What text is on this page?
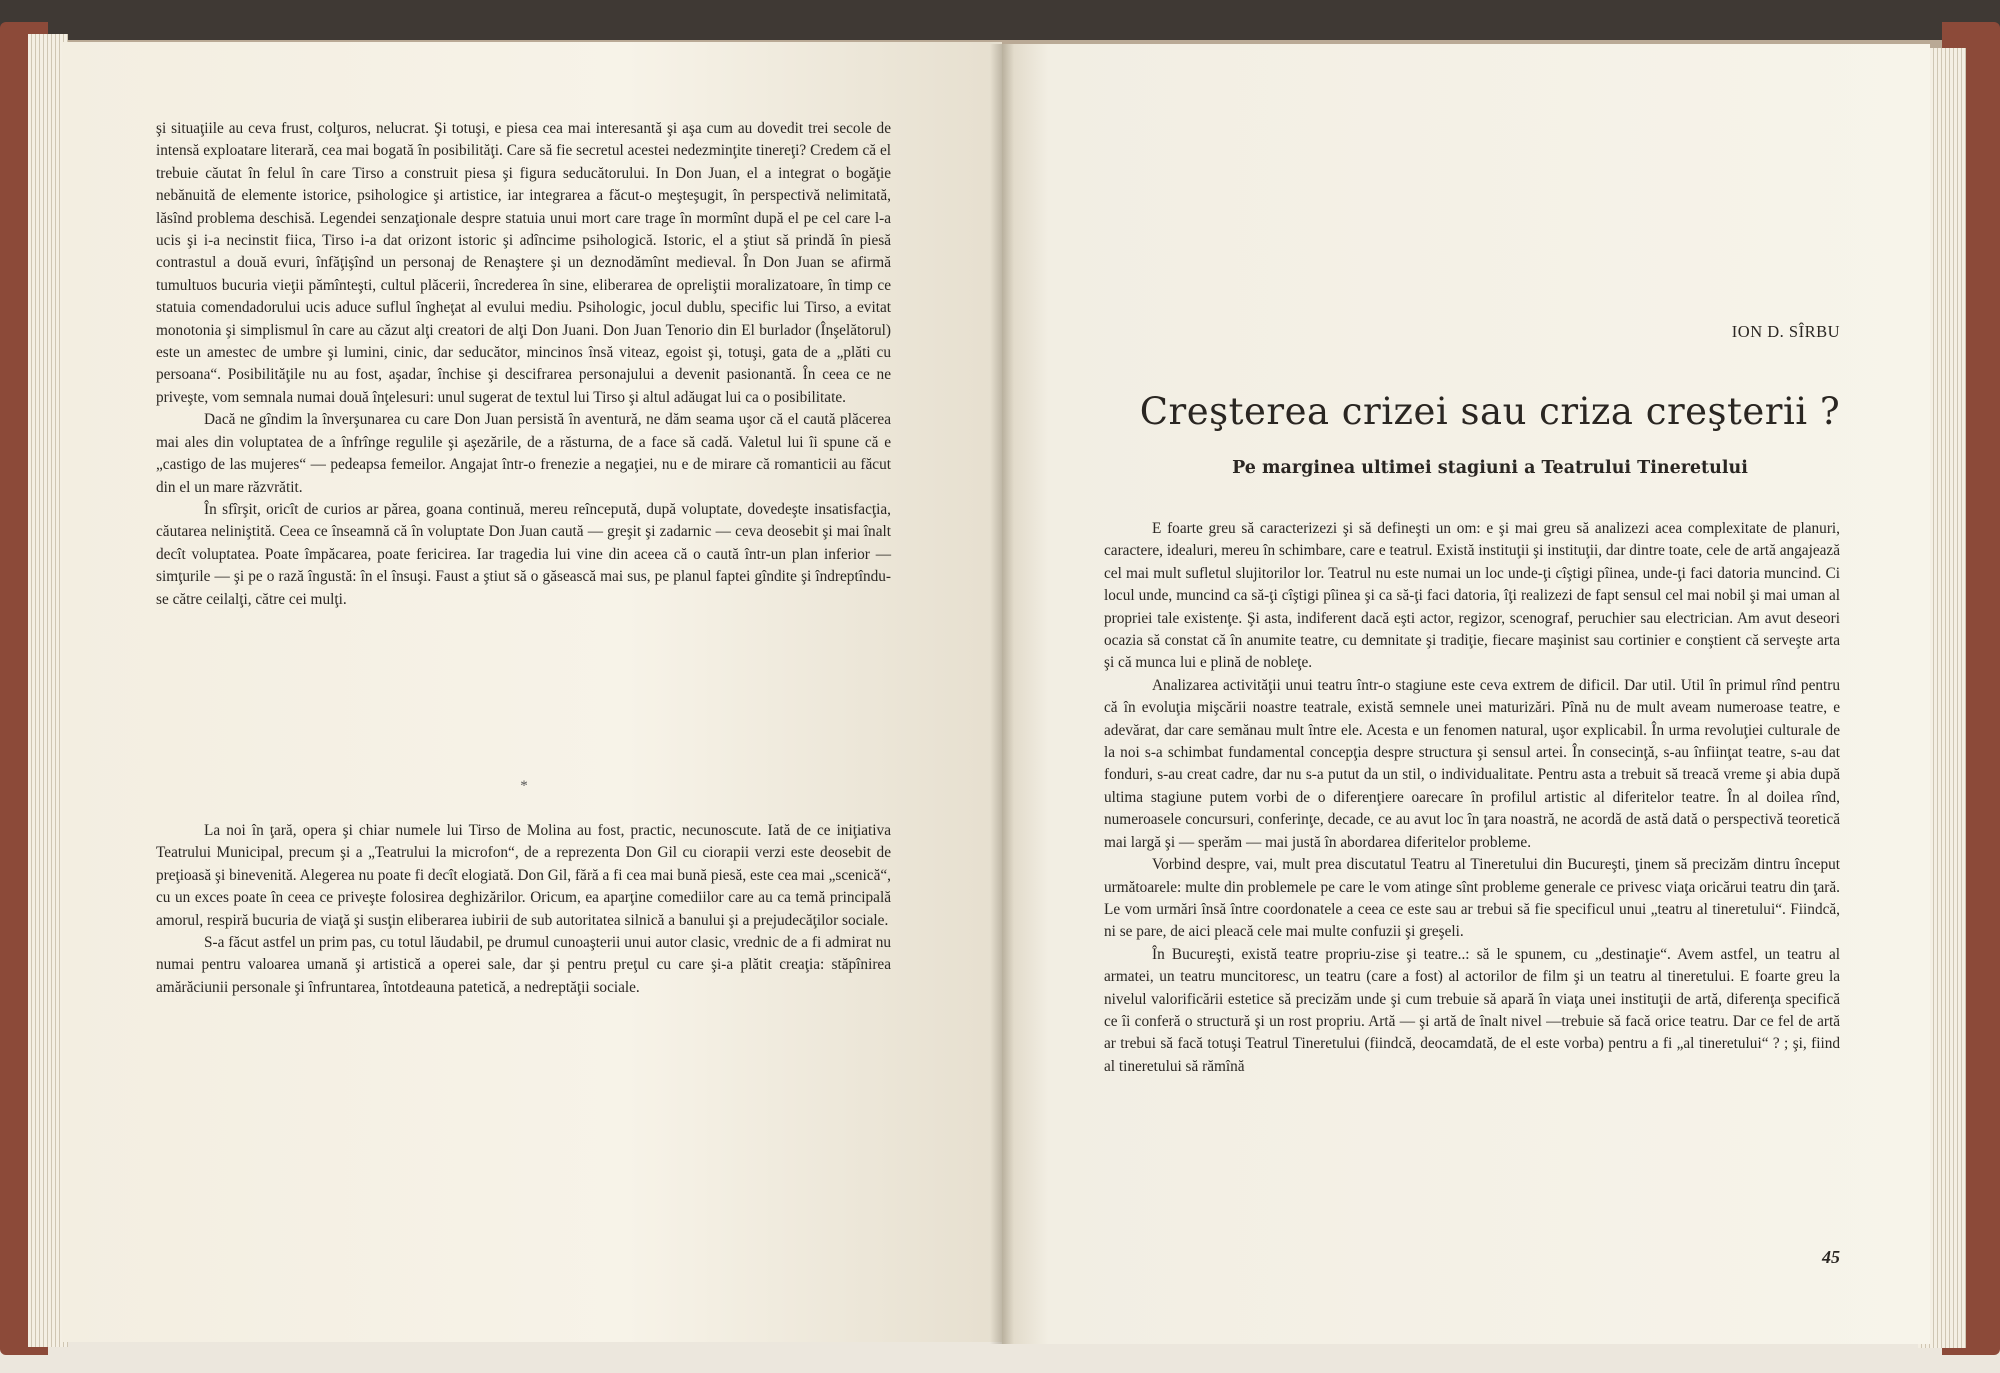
şi situaţiile au ceva frust, colţuros, nelucrat. Şi totuşi, e piesa cea mai interesantă şi aşa cum au dovedit trei secole de intensă exploatare literară, cea mai bogată în posibilităţi. Care să fie secretul acestei nedezminţite tinereţi? Credem că el trebuie căutat în felul în care Tirso a construit piesa şi figura seducătorului. In Don Juan, el a integrat o bogăţie nebănuită de elemente istorice, psihologice şi artistice, iar integrarea a făcut-o meşteşugit, în perspectivă nelimitată, lăsînd problema deschisă. Legendei senzaţionale despre statuia unui mort care trage în mormînt după el pe cel care l-a ucis şi i-a necinstit fiica, Tirso i-a dat orizont istoric şi adîncime psihologică. Istoric, el a ştiut să prindă în piesă contrastul a două evuri, înfăţişînd un personaj de Renaştere şi un deznodămînt medieval. În Don Juan se afirmă tumultuos bucuria vieţii pămînteşti, cultul plăcerii, încrederea în sine, eliberarea de opreliştii moralizatoare, în timp ce statuia comendadorului ucis aduce suflul îngheţat al evului mediu. Psihologic, jocul dublu, specific lui Tirso, a evitat monotonia şi simplismul în care au căzut alţi creatori de alţi Don Juani. Don Juan Tenorio din El burlador (Înşelătorul) este un amestec de umbre şi lumini, cinic, dar seducător, mincinos însă viteaz, egoist şi, totuşi, gata de a „plăti cu persoana“. Posibilităţile nu au fost, aşadar, închise şi descifrarea personajului a devenit pasionantă. În ceea ce ne priveşte, vom semnala numai două înţelesuri: unul sugerat de textul lui Tirso şi altul adăugat lui ca o posibilitate.

Dacă ne gîndim la înverşunarea cu care Don Juan persistă în aventură, ne dăm seama uşor că el caută plăcerea mai ales din voluptatea de a înfrînge regulile şi aşezările, de a răsturna, de a face să cadă. Valetul lui îi spune că e „castigo de las mujeres“ — pedeapsa femeilor. Angajat într-o frenezie a negaţiei, nu e de mirare că romanticii au făcut din el un mare răzvrătit.

În sfîrşit, oricît de curios ar părea, goana continuă, mereu reîncepută, după voluptate, dovedeşte insatisfacţia, căutarea neliniştită. Ceea ce înseamnă că în voluptate Don Juan caută — greşit şi zadarnic — ceva deosebit şi mai înalt decît voluptatea. Poate împăcarea, poate fericirea. Iar tragedia lui vine din aceea că o caută într-un plan inferior — simţurile — şi pe o rază îngustă: în el însuşi. Faust a ştiut să o găsească mai sus, pe planul faptei gîndite şi îndreptîndu-se către ceilalţi, către cei mulţi.

*

La noi în ţară, opera şi chiar numele lui Tirso de Molina au fost, practic, necunoscute. Iată de ce iniţiativa Teatrului Municipal, precum şi a „Teatrului la microfon“, de a reprezenta Don Gil cu ciorapii verzi este deosebit de preţioasă şi binevenită. Alegerea nu poate fi decît elogiată. Don Gil, fără a fi cea mai bună piesă, este cea mai „scenică“, cu un exces poate în ceea ce priveşte folosirea deghizărilor. Oricum, ea aparţine comediilor care au ca temă principală amorul, respiră bucuria de viaţă şi susţin eliberarea iubirii de sub autoritatea silnică a banului şi a prejudecăţilor sociale.

S-a făcut astfel un prim pas, cu totul lăudabil, pe drumul cunoaşterii unui autor clasic, vrednic de a fi admirat nu numai pentru valoarea umană şi artistică a operei sale, dar şi pentru preţul cu care şi-a plătit creaţia: stăpînirea amărăciunii personale şi înfruntarea, întotdeauna patetică, a nedreptăţii sociale.

ION D. SÎRBU
Creşterea crizei sau criza creşterii ?
Pe marginea ultimei stagiuni a Teatrului Tineretului

E foarte greu să caracterizezi şi să defineşti un om: e şi mai greu să analizezi acea complexitate de planuri, caractere, idealuri, mereu în schimbare, care e teatrul. Există instituţii şi instituţii, dar dintre toate, cele de artă angajează cel mai mult sufletul slujitorilor lor. Teatrul nu este numai un loc unde-ţi cîştigi pîinea, unde-ţi faci datoria muncind. Ci locul unde, muncind ca să-ţi cîştigi pîinea şi ca să-ţi faci datoria, îţi realizezi de fapt sensul cel mai nobil şi mai uman al propriei tale existenţe. Şi asta, indiferent dacă eşti actor, regizor, scenograf, peruchier sau electrician. Am avut deseori ocazia să constat că în anumite teatre, cu demnitate şi tradiţie, fiecare maşinist sau cortinier e conştient că serveşte arta şi că munca lui e plină de nobleţe.

Analizarea activităţii unui teatru într-o stagiune este ceva extrem de dificil. Dar util. Util în primul rînd pentru că în evoluţia mişcării noastre teatrale, există semnele unei maturizări. Pînă nu de mult aveam numeroase teatre, e adevărat, dar care semănau mult între ele. Acesta e un fenomen natural, uşor explicabil. În urma revoluţiei culturale de la noi s-a schimbat fundamental concepţia despre structura şi sensul artei. În consecinţă, s-au înfiinţat teatre, s-au dat fonduri, s-au creat cadre, dar nu s-a putut da un stil, o individualitate. Pentru asta a trebuit să treacă vreme şi abia după ultima stagiune putem vorbi de o diferenţiere oarecare în profilul artistic al diferitelor teatre. În al doilea rînd, numeroasele concursuri, conferinţe, decade, ce au avut loc în ţara noastră, ne acordă de astă dată o perspectivă teoretică mai largă şi — sperăm — mai justă în abordarea diferitelor probleme.

Vorbind despre, vai, mult prea discutatul Teatru al Tineretului din Bucureşti, ţinem să precizăm dintru început următoarele: multe din problemele pe care le vom atinge sînt probleme generale ce privesc viaţa oricărui teatru din ţară. Le vom urmări însă între coordonatele a ceea ce este sau ar trebui să fie specificul unui „teatru al tineretului“. Fiindcă, ni se pare, de aici pleacă cele mai multe confuzii şi greşeli.

În Bucureşti, există teatre propriu-zise şi teatre..: să le spunem, cu „destinaţie“. Avem astfel, un teatru al armatei, un teatru muncitoresc, un teatru (care a fost) al actorilor de film şi un teatru al tineretului. E foarte greu la nivelul valorificării estetice să precizăm unde şi cum trebuie să apară în viaţa unei instituţii de artă, diferenţa specifică ce îi conferă o structură şi un rost propriu. Artă — şi artă de înalt nivel —trebuie să facă orice teatru. Dar ce fel de artă ar trebui să facă totuşi Teatrul Tineretului (fiindcă, deocamdată, de el este vorba) pentru a fi „al tineretului“ ? ; şi, fiind al tineretului să rămînă

45
